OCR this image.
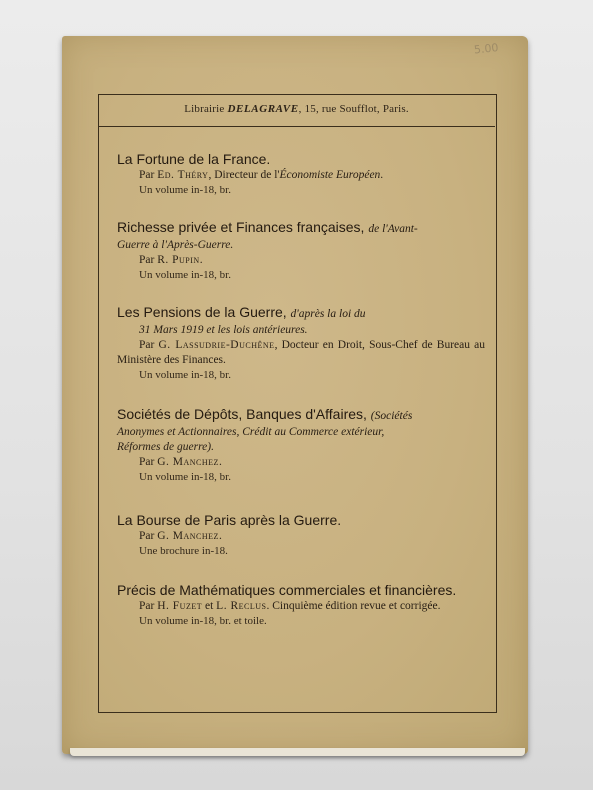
5.00
Librairie DELAGRAVE, 15, rue Soufflot, Paris.
La Fortune de la France.
Par Ed. Théry, Directeur de l'Économiste Européen.
Un volume in-18, br.
Richesse privée et Finances françaises, de l'Avant-
Guerre à l'Après-Guerre.
Par R. Pupin.
Un volume in-18, br.
Les Pensions de la Guerre, d'après la loi du
31 Mars 1919 et les lois antérieures.
Par G. Lassudrie-Duchêne, Docteur en Droit, Sous-Chef de Bureau au Ministère des Finances.
Un volume in-18, br.
Sociétés de Dépôts, Banques d'Affaires, (Sociétés
Anonymes et Actionnaires, Crédit au Commerce extérieur,
Réformes de guerre).
Par G. Manchez.
Un volume in-18, br.
La Bourse de Paris après la Guerre.
Par G. Manchez.
Une brochure in-18.
Précis de Mathématiques commerciales et financières.
Par H. Fuzet et L. Reclus. Cinquième édition revue et corrigée.
Un volume in-18, br. et toile.
